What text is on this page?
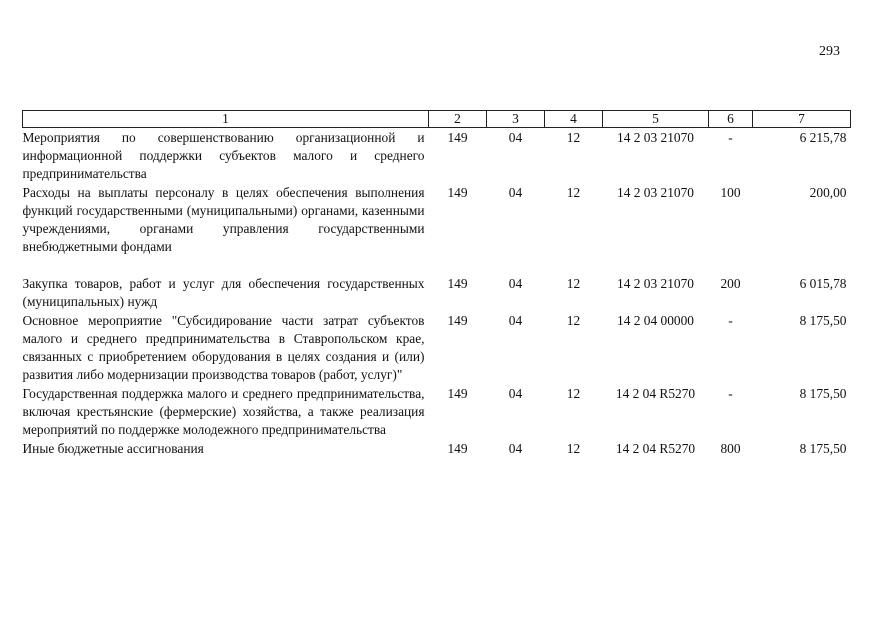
293
1	2	3	4	5	6	7
Мероприятия по совершенствованию организационной и информационной поддержки субъектов малого и среднего предпринимательства	149	04	12	14 2 03 21070	-	6 215,78
Расходы на выплаты персоналу в целях обеспечения выполнения функций государственными (муниципальными) органами, казенными учреждениями, органами управления государственными внебюджетными фондами	149	04	12	14 2 03 21070	100	200,00

Закупка товаров, работ и услуг для обеспечения государственных (муниципальных) нужд	149	04	12	14 2 03 21070	200	6 015,78
Основное мероприятие "Субсидирование части затрат субъектов малого и среднего предпринимательства в Ставропольском крае, связанных с приобретением оборудования в целях создания и (или) развития либо модернизации производства товаров (работ, услуг)"	149	04	12	14 2 04 00000	-	8 175,50
Государственная поддержка малого и среднего предпринимательства, включая крестьянские (фермерские) хозяйства, а также реализация мероприятий по поддержке молодежного предпринимательства	149	04	12	14 2 04 R5270	-	8 175,50
Иные бюджетные ассигнования	149	04	12	14 2 04 R5270	800	8 175,50
